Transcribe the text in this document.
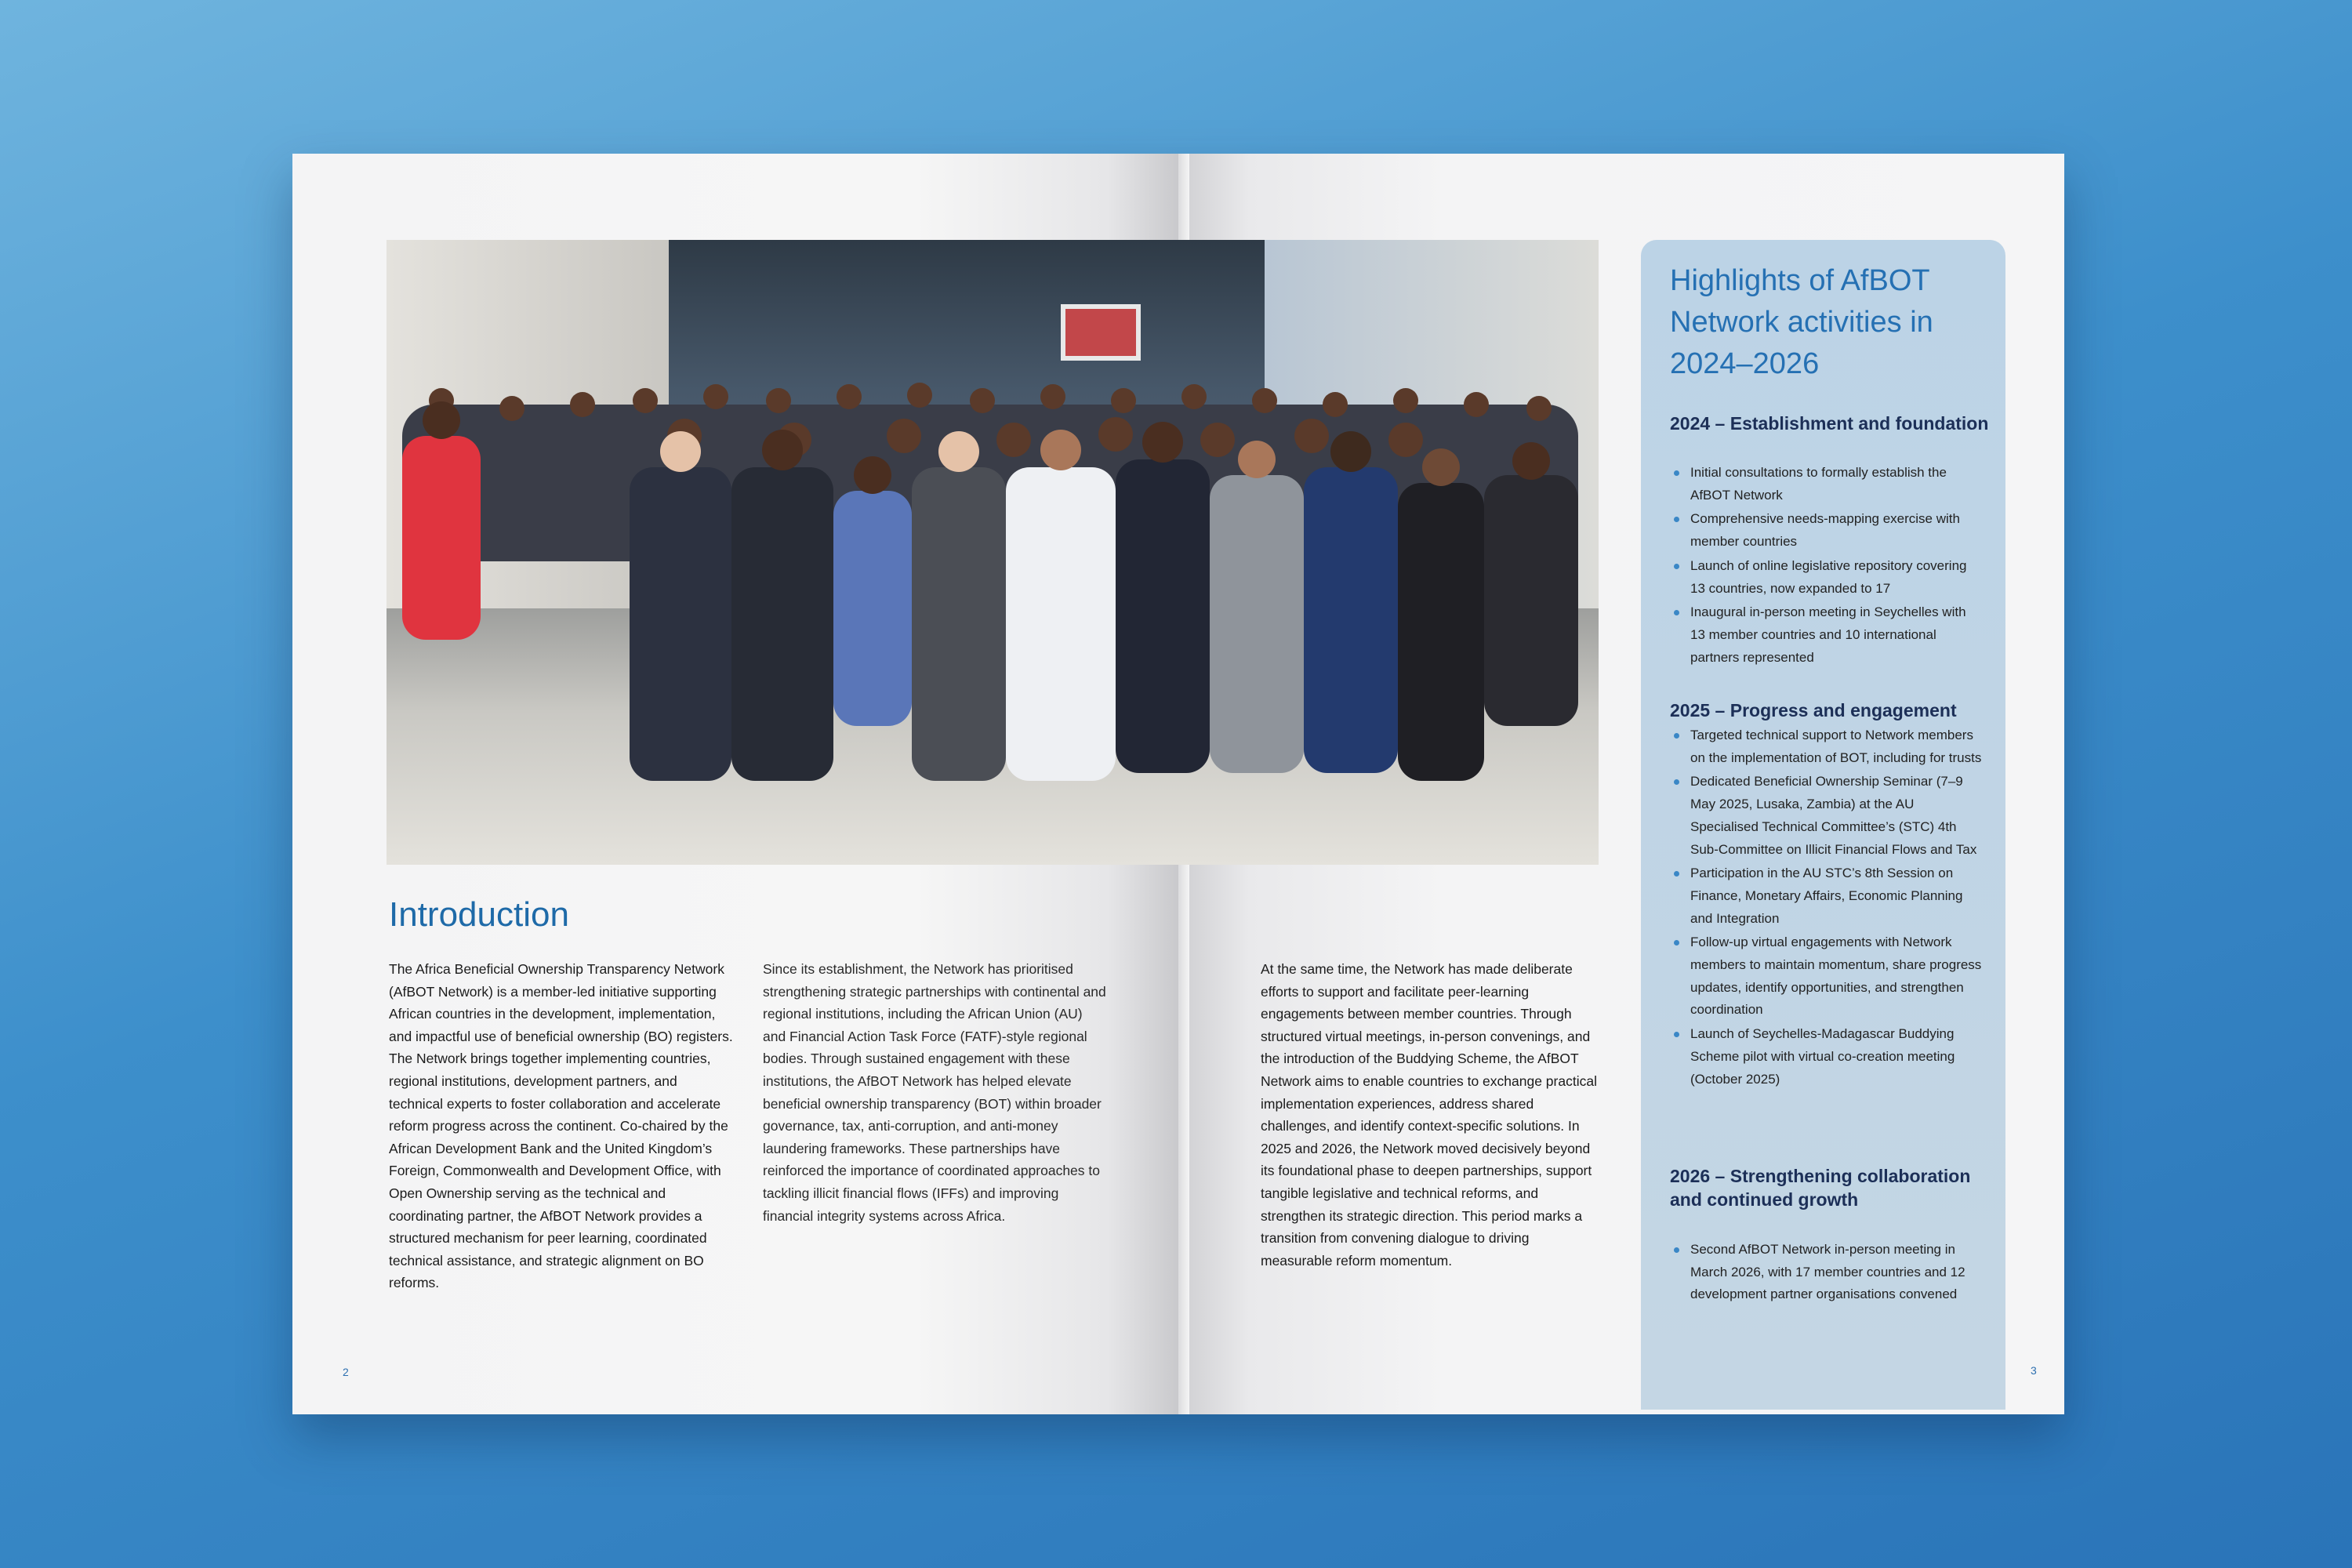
Introduction

The Africa Beneficial Ownership Transparency Network (AfBOT Network) is a member-led initiative supporting African countries in the development, implementation, and impactful use of beneficial ownership (BO) registers. The Network brings together implementing countries, regional institutions, development partners, and technical experts to foster collaboration and accelerate reform progress across the continent. Co-chaired by the African Development Bank and the United Kingdom’s Foreign, Commonwealth and Development Office, with Open Ownership serving as the technical and coordinating partner, the AfBOT Network provides a structured mechanism for peer learning, coordinated technical assistance, and strategic alignment on BO reforms.

Since its establishment, the Network has prioritised strengthening strategic partnerships with continental and regional institutions, including the African Union (AU) and Financial Action Task Force (FATF)-style regional bodies. Through sustained engagement with these institutions, the AfBOT Network has helped elevate beneficial ownership transparency (BOT) within broader governance, tax, anti-corruption, and anti-money laundering frameworks. These partnerships have reinforced the importance of coordinated approaches to tackling illicit financial flows (IFFs) and improving financial integrity systems across Africa.

2

At the same time, the Network has made deliberate efforts to support and facilitate peer-learning engagements between member countries. Through structured virtual meetings, in-person convenings, and the introduction of the Buddying Scheme, the AfBOT Network aims to enable countries to exchange practical implementation experiences, address shared challenges, and identify context-specific solutions. In 2025 and 2026, the Network moved decisively beyond its foundational phase to deepen partnerships, support tangible legislative and technical reforms, and strengthen its strategic direction. This period marks a transition from convening dialogue to driving measurable reform momentum.

3
Highlights of AfBOT Network activities in 2024–2026
2024 – Establishment and foundation
Initial consultations to formally establish the AfBOT Network
Comprehensive needs-mapping exercise with member countries
Launch of online legislative repository covering 13 countries, now expanded to 17
Inaugural in-person meeting in Seychelles with 13 member countries and 10 international partners represented
2025 – Progress and engagement
Targeted technical support to Network members on the implementation of BOT, including for trusts
Dedicated Beneficial Ownership Seminar (7–9 May 2025, Lusaka, Zambia) at the AU Specialised Technical Committee’s (STC) 4th Sub-Committee on Illicit Financial Flows and Tax
Participation in the AU STC’s 8th Session on Finance, Monetary Affairs, Economic Planning and Integration
Follow-up virtual engagements with Network members to maintain momentum, share progress updates, identify opportunities, and strengthen coordination
Launch of Seychelles-Madagascar Buddying Scheme pilot with virtual co-creation meeting (October 2025)
2026 – Strengthening collaboration and continued growth
Second AfBOT Network in-person meeting in March 2026, with 17 member countries and 12 development partner organisations convened
